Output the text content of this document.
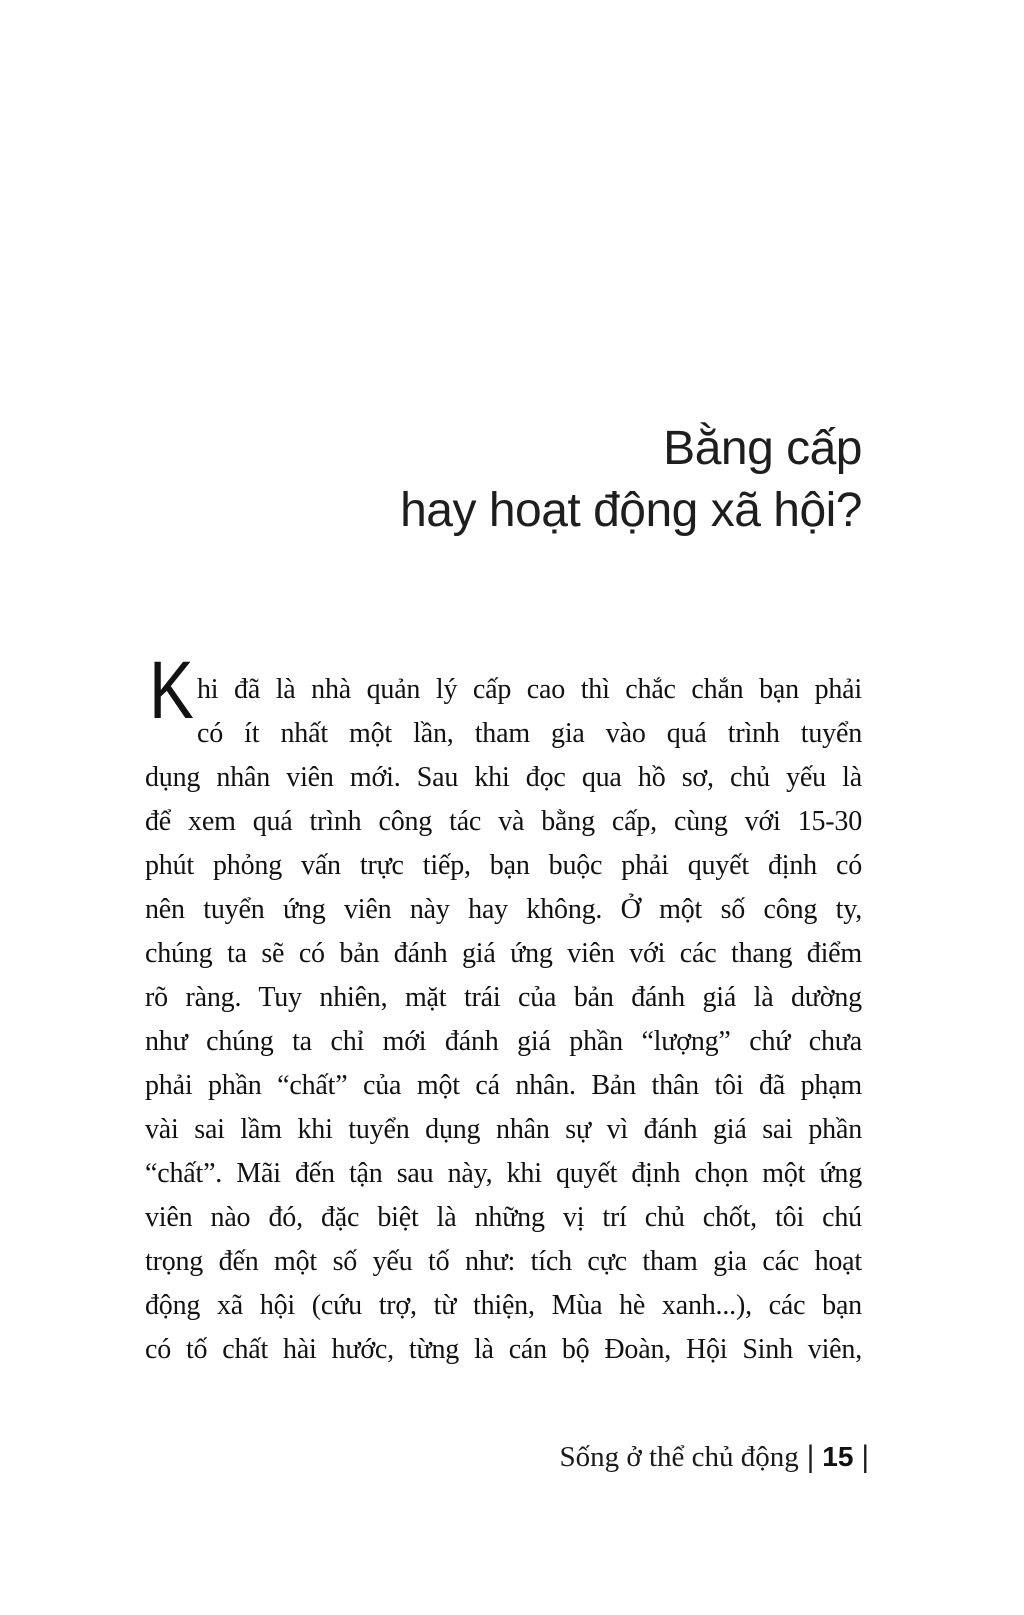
Bằng cấp
hay hoạt động xã hội?
K hi đã là nhà quản lý cấp cao thì chắc chắn bạn phải
có ít nhất một lần, tham gia vào quá trình tuyển
dụng nhân viên mới. Sau khi đọc qua hồ sơ, chủ yếu là
để xem quá trình công tác và bằng cấp, cùng với 15-30
phút phỏng vấn trực tiếp, bạn buộc phải quyết định có
nên tuyển ứng viên này hay không. Ở một số công ty,
chúng ta sẽ có bản đánh giá ứng viên với các thang điểm
rõ ràng. Tuy nhiên, mặt trái của bản đánh giá là dường
như chúng ta chỉ mới đánh giá phần “lượng” chứ chưa
phải phần “chất” của một cá nhân. Bản thân tôi đã phạm
vài sai lầm khi tuyển dụng nhân sự vì đánh giá sai phần
“chất”. Mãi đến tận sau này, khi quyết định chọn một ứng
viên nào đó, đặc biệt là những vị trí chủ chốt, tôi chú
trọng đến một số yếu tố như: tích cực tham gia các hoạt
động xã hội (cứu trợ, từ thiện, Mùa hè xanh...), các bạn
có tố chất hài hước, từng là cán bộ Đoàn, Hội Sinh viên,
Sống ở thể chủ động | 15 |
